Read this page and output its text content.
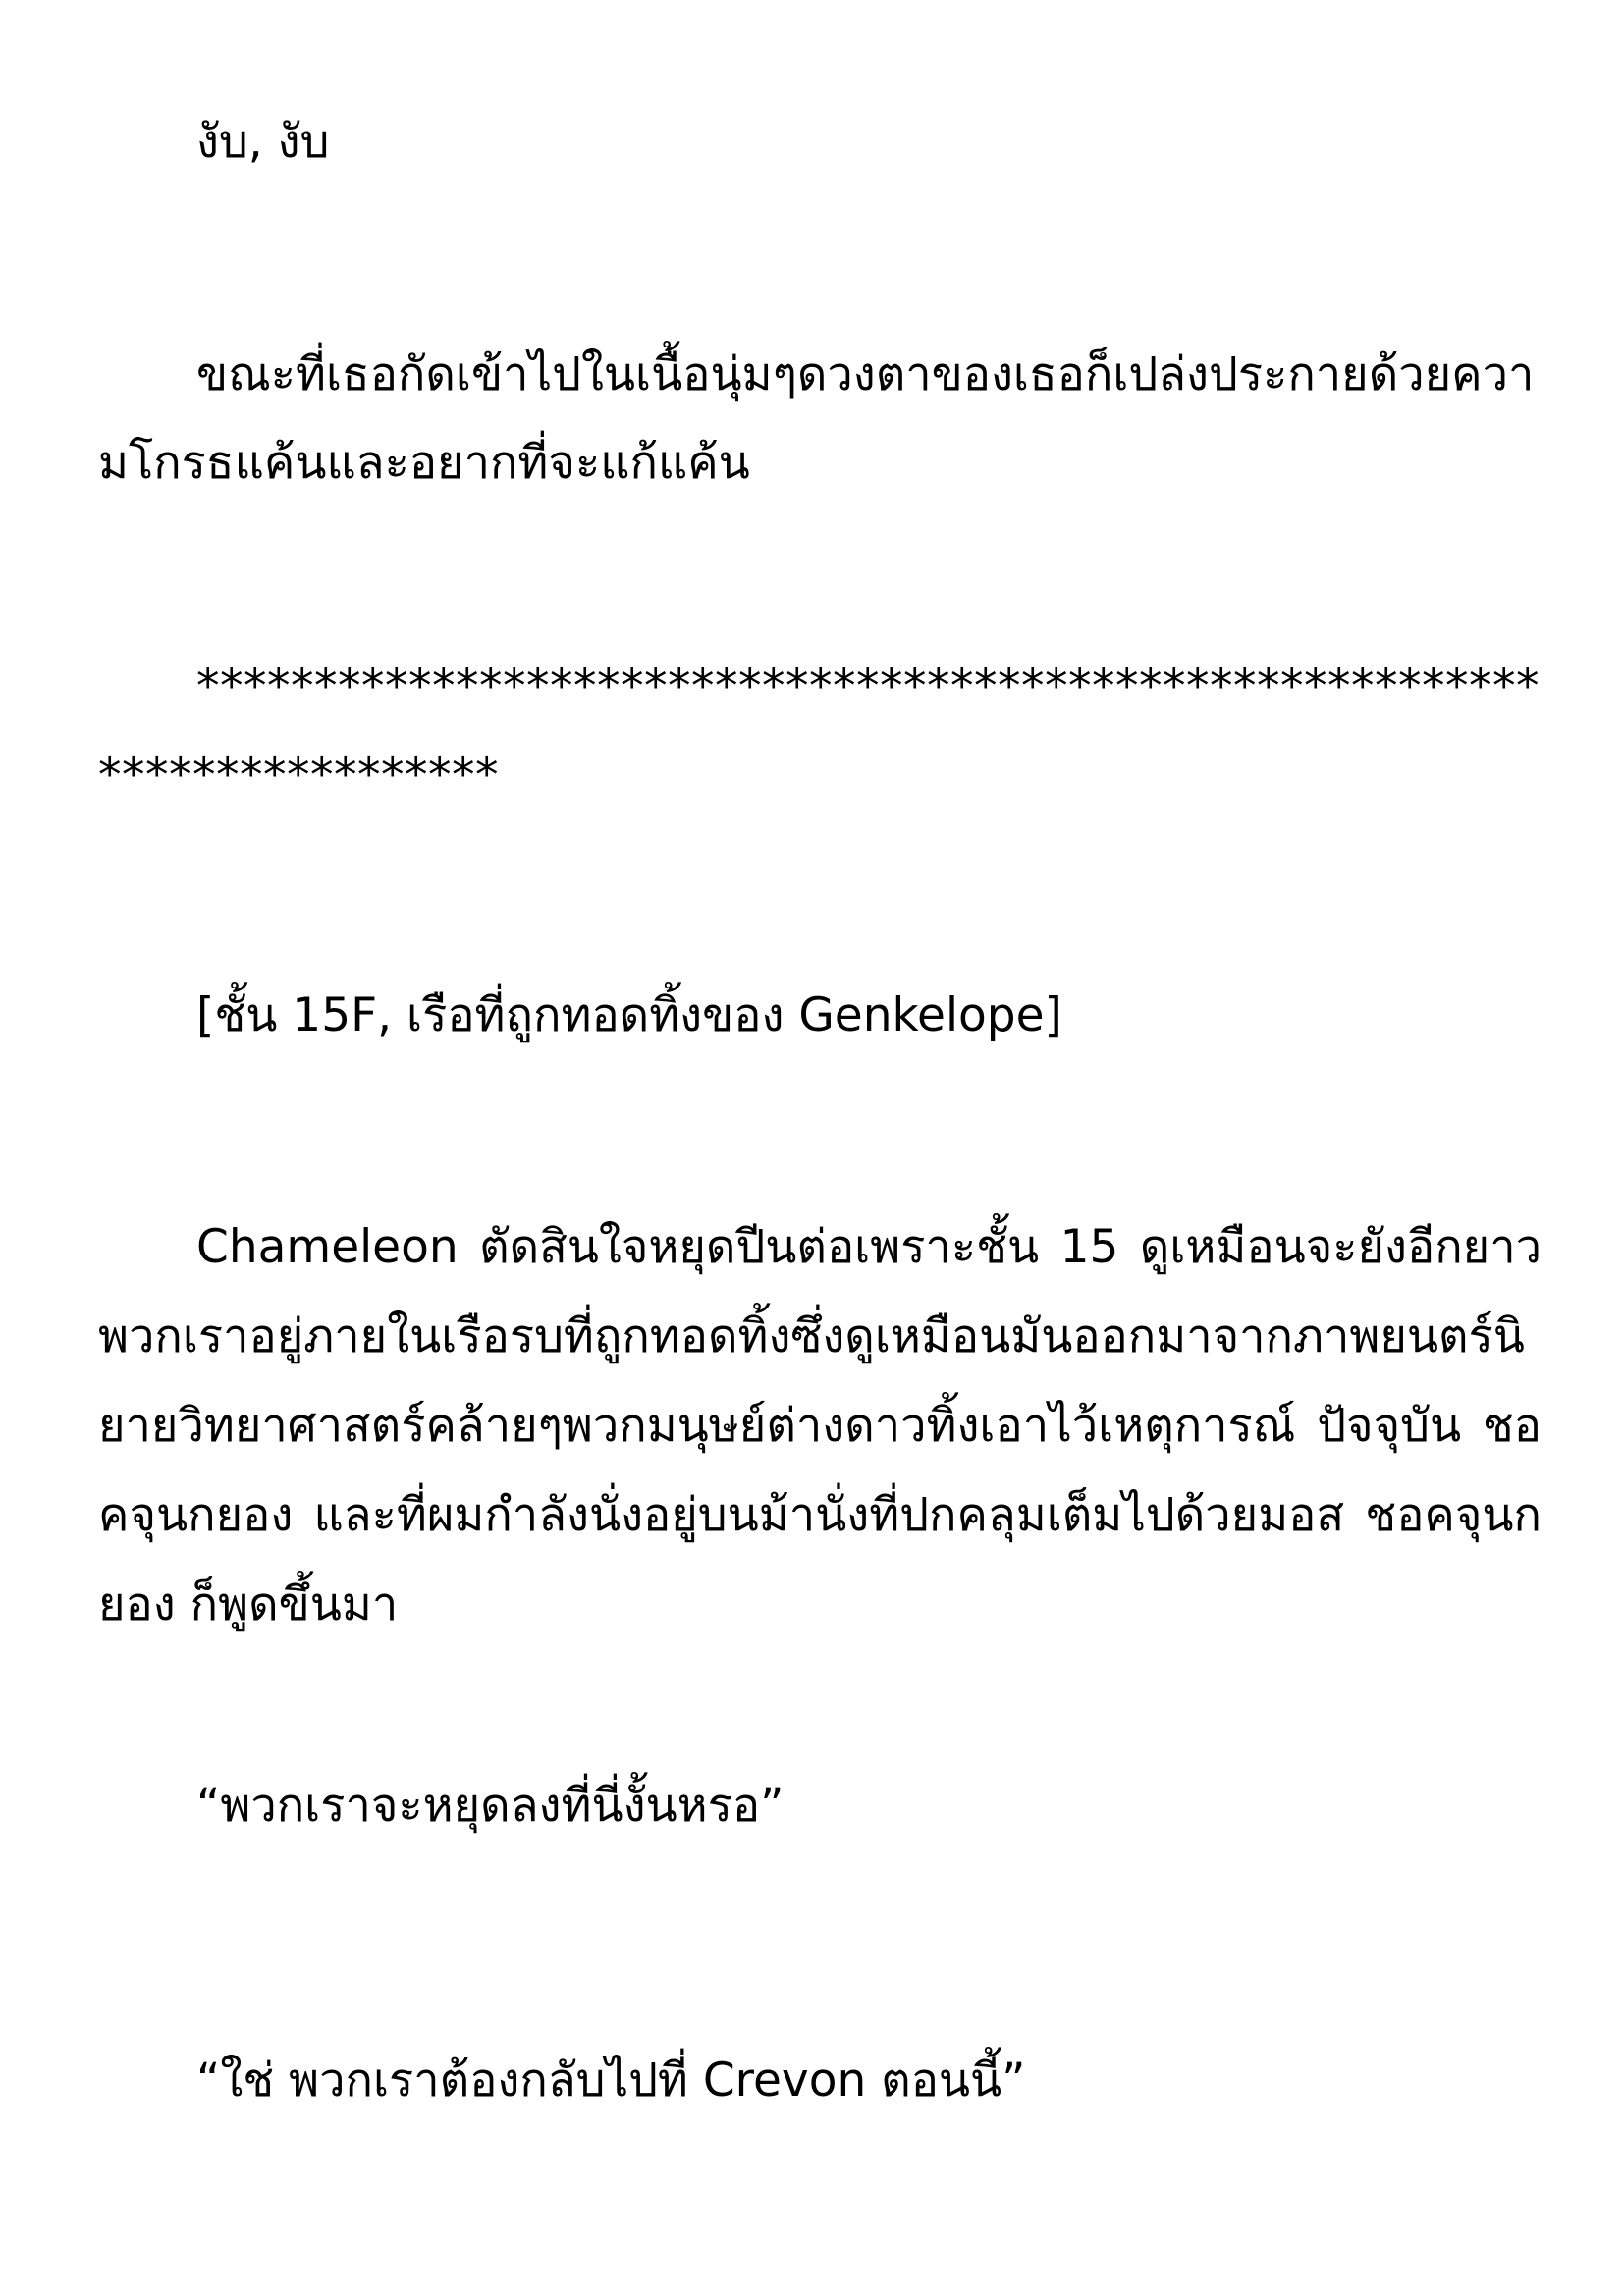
งับ, งับ

ขณะที่เธอกัดเข้าไปในเนื้อนุ่มๆดวงตาของเธอก็เปล่งประกายด้วยความโกรธแค้นและอยากที่จะแก้แค้น

**************************************************************************

[ชั้น 15F, เรือที่ถูกทอดทิ้งของ Genkelope]

Chameleon ตัดสินใจหยุดปีนต่อเพราะชั้น 15 ดูเหมือนจะยังอีกยาวพวกเราอยู่ภายในเรือรบที่ถูกทอดทิ้งซึ่งดูเหมือนมันออกมาจากภาพยนตร์นิยายวิทยาศาสตร์คล้ายๆพวกมนุษย์ต่างดาวทิ้งเอาไว้เหตุการณ์ ปัจจุบัน ชอคจุนกยอง และที่ผมกำลังนั่งอยู่บนม้านั่งที่ปกคลุมเต็มไปด้วยมอส ชอคจุนกยอง ก็พูดขึ้นมา

“พวกเราจะหยุดลงที่นี่งั้นหรอ”

“ใช่ พวกเราต้องกลับไปที่ Crevon ตอนนี้”
